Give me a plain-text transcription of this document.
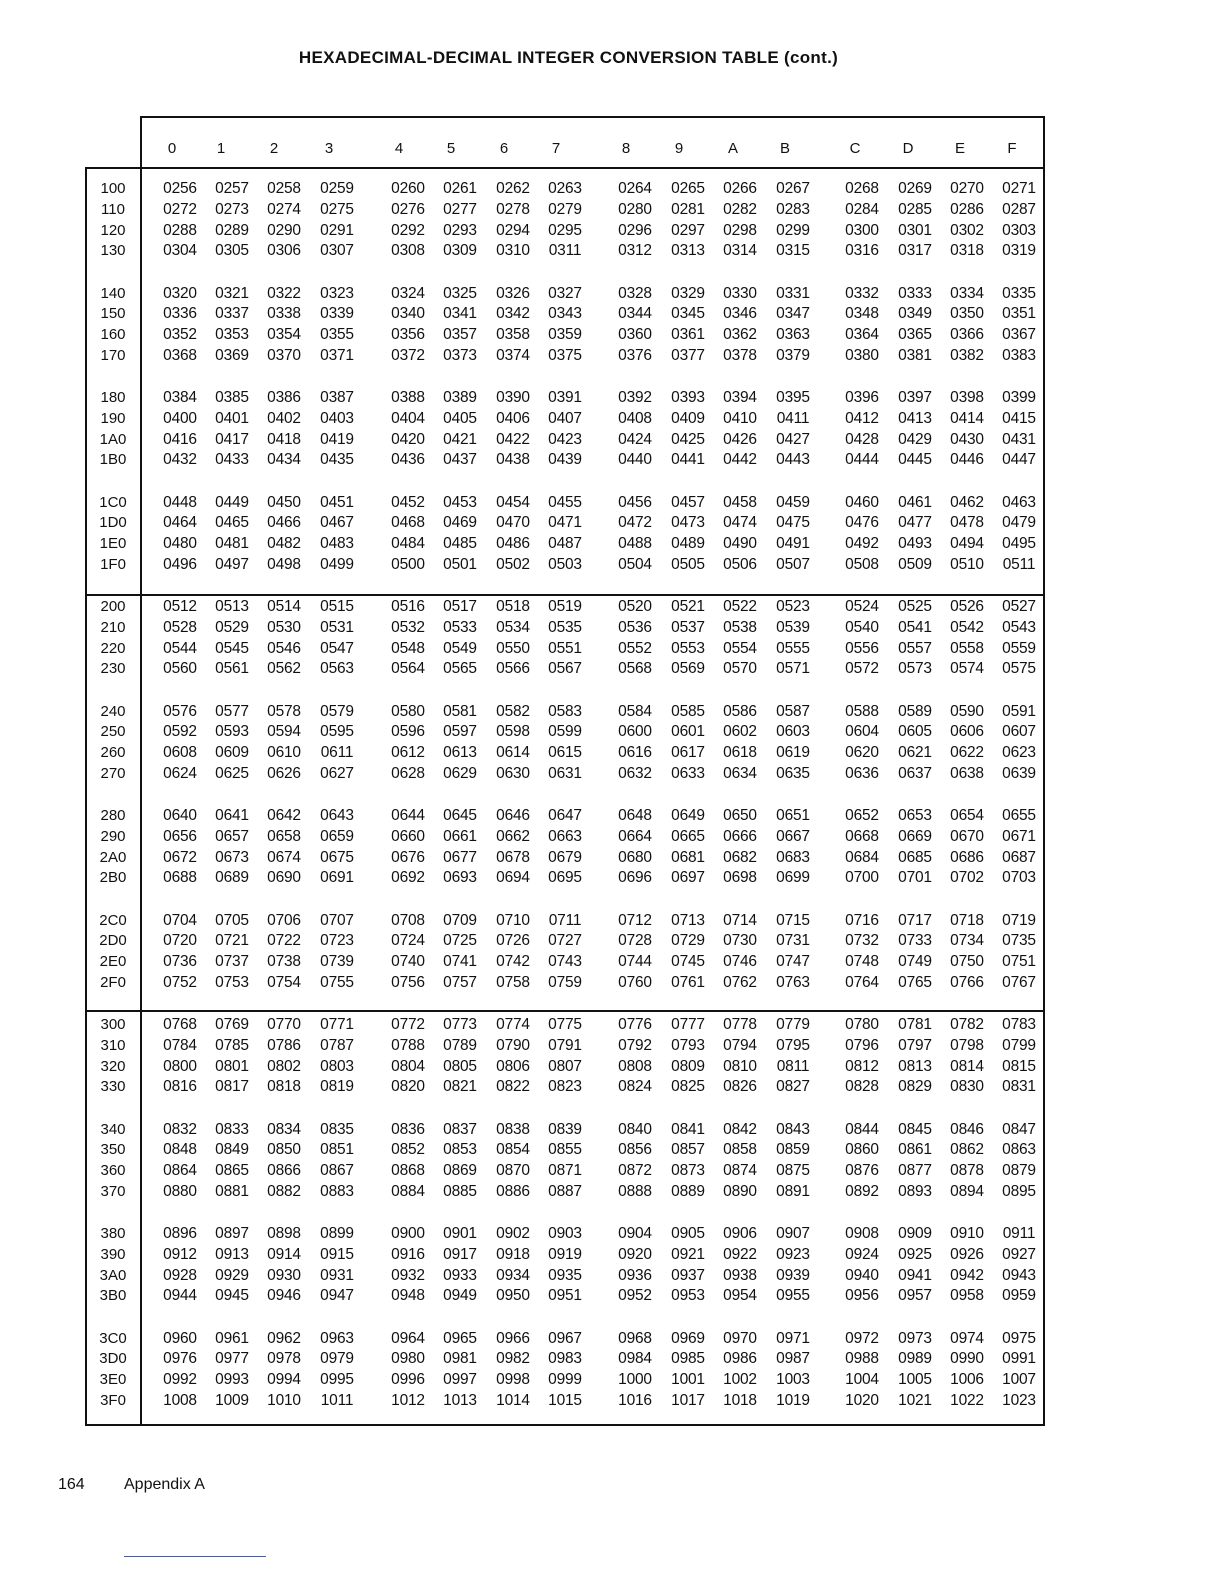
HEXADECIMAL-DECIMAL INTEGER CONVERSION TABLE (cont.)
0	1	2	3	4	5	6	7	8	9	A	B	C	D	E	F
100	0256	0257	0258	0259	0260	0261	0262	0263	0264	0265	0266	0267	0268	0269	0270	0271
110	0272	0273	0274	0275	0276	0277	0278	0279	0280	0281	0282	0283	0284	0285	0286	0287
120	0288	0289	0290	0291	0292	0293	0294	0295	0296	0297	0298	0299	0300	0301	0302	0303
130	0304	0305	0306	0307	0308	0309	0310	0311	0312	0313	0314	0315	0316	0317	0318	0319
140	0320	0321	0322	0323	0324	0325	0326	0327	0328	0329	0330	0331	0332	0333	0334	0335
150	0336	0337	0338	0339	0340	0341	0342	0343	0344	0345	0346	0347	0348	0349	0350	0351
160	0352	0353	0354	0355	0356	0357	0358	0359	0360	0361	0362	0363	0364	0365	0366	0367
170	0368	0369	0370	0371	0372	0373	0374	0375	0376	0377	0378	0379	0380	0381	0382	0383
180	0384	0385	0386	0387	0388	0389	0390	0391	0392	0393	0394	0395	0396	0397	0398	0399
190	0400	0401	0402	0403	0404	0405	0406	0407	0408	0409	0410	0411	0412	0413	0414	0415
1A0	0416	0417	0418	0419	0420	0421	0422	0423	0424	0425	0426	0427	0428	0429	0430	0431
1B0	0432	0433	0434	0435	0436	0437	0438	0439	0440	0441	0442	0443	0444	0445	0446	0447
1C0	0448	0449	0450	0451	0452	0453	0454	0455	0456	0457	0458	0459	0460	0461	0462	0463
1D0	0464	0465	0466	0467	0468	0469	0470	0471	0472	0473	0474	0475	0476	0477	0478	0479
1E0	0480	0481	0482	0483	0484	0485	0486	0487	0488	0489	0490	0491	0492	0493	0494	0495
1F0	0496	0497	0498	0499	0500	0501	0502	0503	0504	0505	0506	0507	0508	0509	0510	0511
200	0512	0513	0514	0515	0516	0517	0518	0519	0520	0521	0522	0523	0524	0525	0526	0527
210	0528	0529	0530	0531	0532	0533	0534	0535	0536	0537	0538	0539	0540	0541	0542	0543
220	0544	0545	0546	0547	0548	0549	0550	0551	0552	0553	0554	0555	0556	0557	0558	0559
230	0560	0561	0562	0563	0564	0565	0566	0567	0568	0569	0570	0571	0572	0573	0574	0575
240	0576	0577	0578	0579	0580	0581	0582	0583	0584	0585	0586	0587	0588	0589	0590	0591
250	0592	0593	0594	0595	0596	0597	0598	0599	0600	0601	0602	0603	0604	0605	0606	0607
260	0608	0609	0610	0611	0612	0613	0614	0615	0616	0617	0618	0619	0620	0621	0622	0623
270	0624	0625	0626	0627	0628	0629	0630	0631	0632	0633	0634	0635	0636	0637	0638	0639
280	0640	0641	0642	0643	0644	0645	0646	0647	0648	0649	0650	0651	0652	0653	0654	0655
290	0656	0657	0658	0659	0660	0661	0662	0663	0664	0665	0666	0667	0668	0669	0670	0671
2A0	0672	0673	0674	0675	0676	0677	0678	0679	0680	0681	0682	0683	0684	0685	0686	0687
2B0	0688	0689	0690	0691	0692	0693	0694	0695	0696	0697	0698	0699	0700	0701	0702	0703
2C0	0704	0705	0706	0707	0708	0709	0710	0711	0712	0713	0714	0715	0716	0717	0718	0719
2D0	0720	0721	0722	0723	0724	0725	0726	0727	0728	0729	0730	0731	0732	0733	0734	0735
2E0	0736	0737	0738	0739	0740	0741	0742	0743	0744	0745	0746	0747	0748	0749	0750	0751
2F0	0752	0753	0754	0755	0756	0757	0758	0759	0760	0761	0762	0763	0764	0765	0766	0767
300	0768	0769	0770	0771	0772	0773	0774	0775	0776	0777	0778	0779	0780	0781	0782	0783
310	0784	0785	0786	0787	0788	0789	0790	0791	0792	0793	0794	0795	0796	0797	0798	0799
320	0800	0801	0802	0803	0804	0805	0806	0807	0808	0809	0810	0811	0812	0813	0814	0815
330	0816	0817	0818	0819	0820	0821	0822	0823	0824	0825	0826	0827	0828	0829	0830	0831
340	0832	0833	0834	0835	0836	0837	0838	0839	0840	0841	0842	0843	0844	0845	0846	0847
350	0848	0849	0850	0851	0852	0853	0854	0855	0856	0857	0858	0859	0860	0861	0862	0863
360	0864	0865	0866	0867	0868	0869	0870	0871	0872	0873	0874	0875	0876	0877	0878	0879
370	0880	0881	0882	0883	0884	0885	0886	0887	0888	0889	0890	0891	0892	0893	0894	0895
380	0896	0897	0898	0899	0900	0901	0902	0903	0904	0905	0906	0907	0908	0909	0910	0911
390	0912	0913	0914	0915	0916	0917	0918	0919	0920	0921	0922	0923	0924	0925	0926	0927
3A0	0928	0929	0930	0931	0932	0933	0934	0935	0936	0937	0938	0939	0940	0941	0942	0943
3B0	0944	0945	0946	0947	0948	0949	0950	0951	0952	0953	0954	0955	0956	0957	0958	0959
3C0	0960	0961	0962	0963	0964	0965	0966	0967	0968	0969	0970	0971	0972	0973	0974	0975
3D0	0976	0977	0978	0979	0980	0981	0982	0983	0984	0985	0986	0987	0988	0989	0990	0991
3E0	0992	0993	0994	0995	0996	0997	0998	0999	1000	1001	1002	1003	1004	1005	1006	1007
3F0	1008	1009	1010	1011	1012	1013	1014	1015	1016	1017	1018	1019	1020	1021	1022	1023
164 Appendix A
